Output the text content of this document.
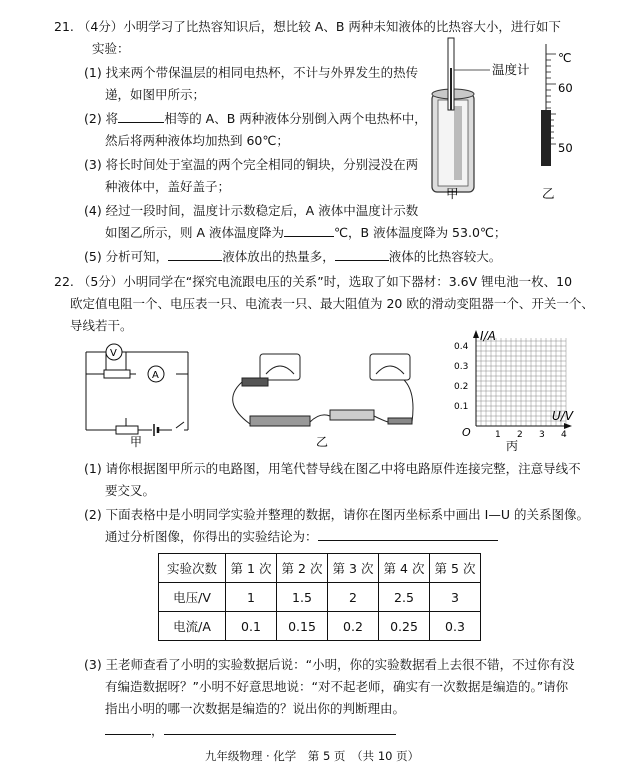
21. （4分）小明学习了比热容知识后，想比较 A、B 两种未知液体的比热容大小，进行如下
实验：
(1) 找来两个带保温层的相同电热杯，不计与外界发生的热传
递，如图甲所示；
(2) 将	相等的 A、B 两种液体分别倒入两个电热杯中，
然后将两种液体均加热到 60℃；
(3) 将长时间处于室温的两个完全相同的铜块，分别浸没在两
种液体中，盖好盖子；
(4) 经过一段时间，温度计示数稳定后，A 液体中温度计示数
如图乙所示，则 A 液体温度降为	℃，B 液体温度降为 53.0℃；
(5) 分析可知，	液体放出的热量多，	液体的比热容较大。
温度计
℃
60
50
甲	乙
22. （5分）小明同学在“探究电流跟电压的关系”时，选取了如下器材：3.6V 锂电池一枚、10
欧定值电阻一个、电压表一只、电流表一只、最大阻值为 20 欧的滑动变阻器一个、开关一个、
导线若干。
V
A
甲	乙
I/A
U/V
O
0.4
0.3
0.2
0.1
1 2 3 4
丙
(1) 请你根据图甲所示的电路图，用笔代替导线在图乙中将电路原件连接完整，注意导线不
要交叉。
(2) 下面表格中是小明同学实验并整理的数据，请你在图丙坐标系中画出 I—U 的关系图像。
通过分析图像，你得出的实验结论为：
实验次数	第 1 次	第 2 次	第 3 次	第 4 次	第 5 次
电压/V	1	1.5	2	2.5	3
电流/A	0.1	0.15	0.2	0.25	0.3
(3) 王老师查看了小明的实验数据后说：“小明，你的实验数据看上去很不错，不过你有没
有编造数据呀？”小明不好意思地说：“对不起老师，确实有一次数据是编造的。”请你
指出小明的哪一次数据是编造的？说出你的判断理由。
，
九年级物理 · 化学　第 5 页　（共 10 页）
